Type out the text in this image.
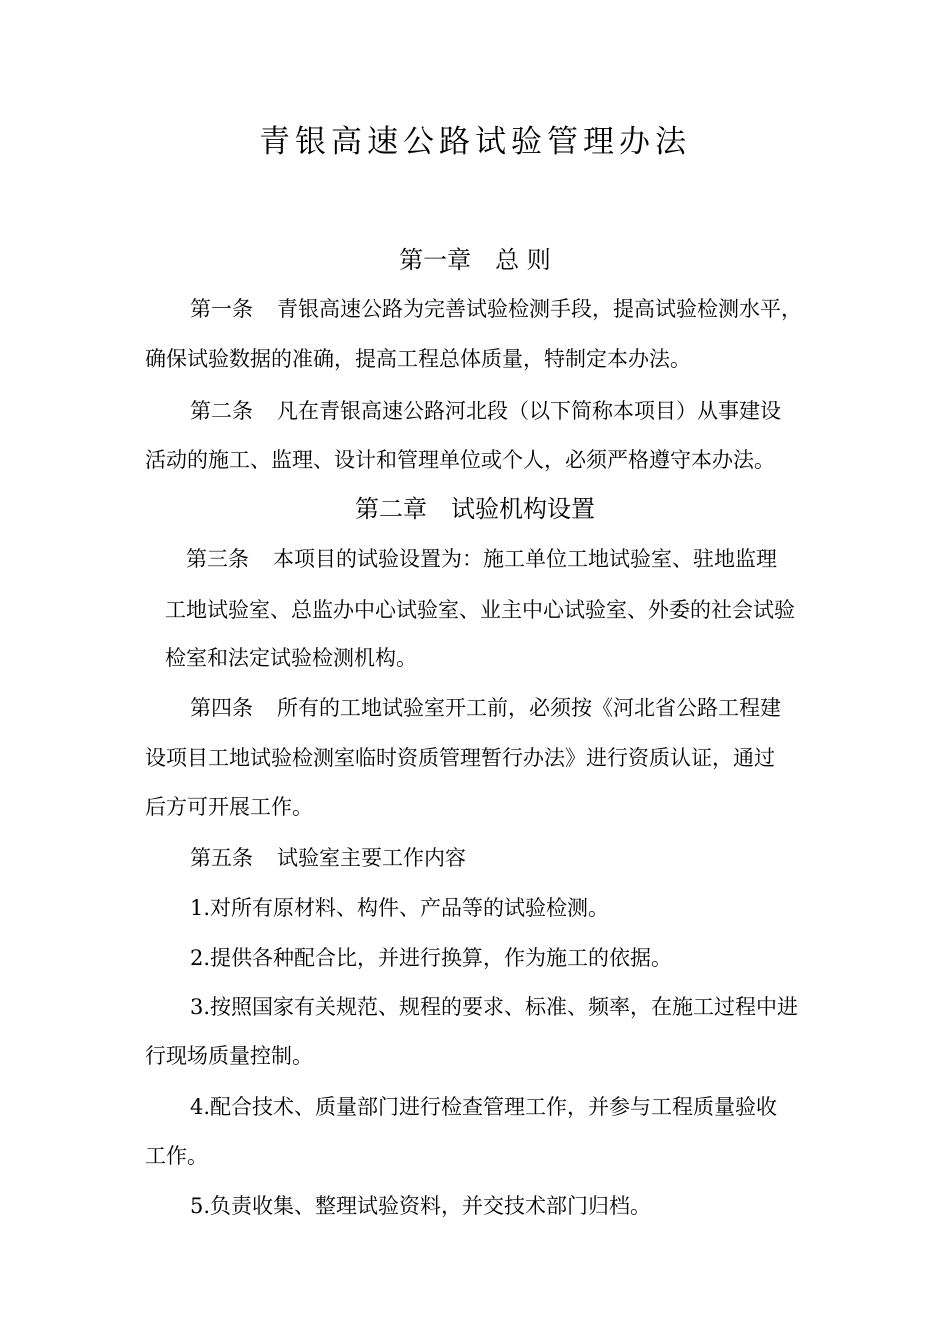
青银高速公路试验管理办法
第一章 总 则
第一条 青银高速公路为完善试验检测手段，提高试验检测水平，
确保试验数据的准确，提高工程总体质量，特制定本办法。
第二条 凡在青银高速公路河北段（以下简称本项目）从事建设
活动的施工、监理、设计和管理单位或个人，必须严格遵守本办法。
第二章 试验机构设置
第三条 本项目的试验设置为：施工单位工地试验室、驻地监理
工地试验室、总监办中心试验室、业主中心试验室、外委的社会试验
检室和法定试验检测机构。
第四条 所有的工地试验室开工前，必须按《河北省公路工程建
设项目工地试验检测室临时资质管理暂行办法》进行资质认证，通过
后方可开展工作。
第五条 试验室主要工作内容
1.对所有原材料、构件、产品等的试验检测。
2.提供各种配合比，并进行换算，作为施工的依据。
3.按照国家有关规范、规程的要求、标准、频率，在施工过程中进
行现场质量控制。
4.配合技术、质量部门进行检查管理工作，并参与工程质量验收
工作。
5.负责收集、整理试验资料，并交技术部门归档。
